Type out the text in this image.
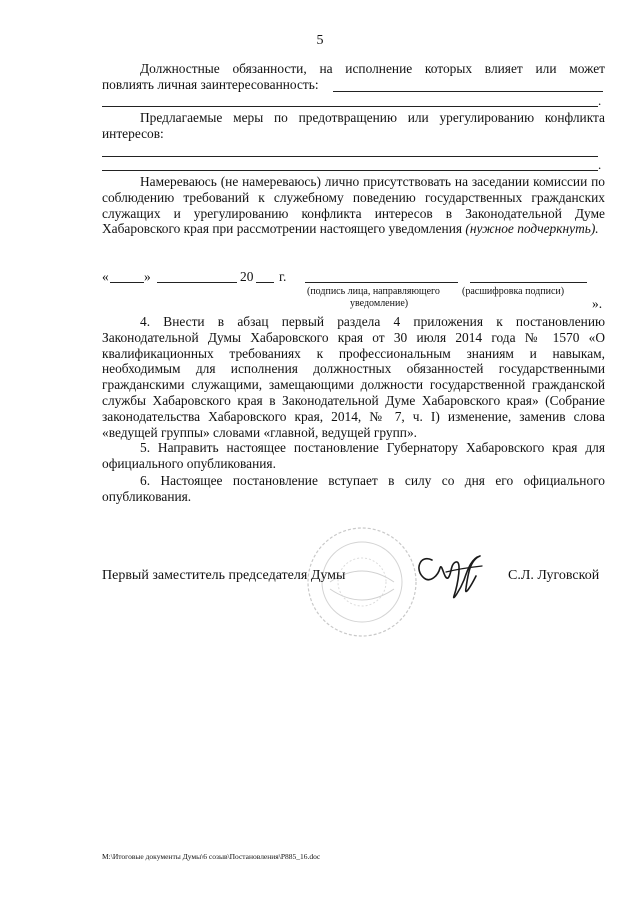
5
Должностные обязанности, на исполнение которых влияет или может
повлиять личная заинтересованность:
.
Предлагаемые меры по предотвращению или урегулированию конфликта
интересов:
.
Намереваюсь (не намереваюсь) лично присутствовать на заседании комиссии по соблюдению требований к служебному поведению государственных гражданских служащих и урегулированию конфликта интересов в Законодательной Думе Хабаровского края при рассмотрении настоящего уведомления (нужное подчеркнуть).
«	»	20 г.
(подпись лица, направляющего
уведомление)
(расшифровка подписи)
».
4. Внести в абзац первый раздела 4 приложения к постановлению Законодательной Думы Хабаровского края от 30 июля 2014 года № 1570 «О квалификационных требованиях к профессиональным знаниям и навыкам, необходимым для исполнения должностных обязанностей государственными гражданскими служащими, замещающими должности государственной гражданской службы Хабаровского края в Законодательной Думе Хабаровского края» (Собрание законодательства Хабаровского края, 2014, № 7, ч. I) изменение, заменив слова «ведущей группы» словами «главной, ведущей групп».
5. Направить настоящее постановление Губернатору Хабаровского края для официального опубликования.
6. Настоящее постановление вступает в силу со дня его официального опубликования.
Первый заместитель председателя Думы	С.Л. Луговской
M:\Итоговые документы Думы\6 созыв\Постановления\P885_16.doc
